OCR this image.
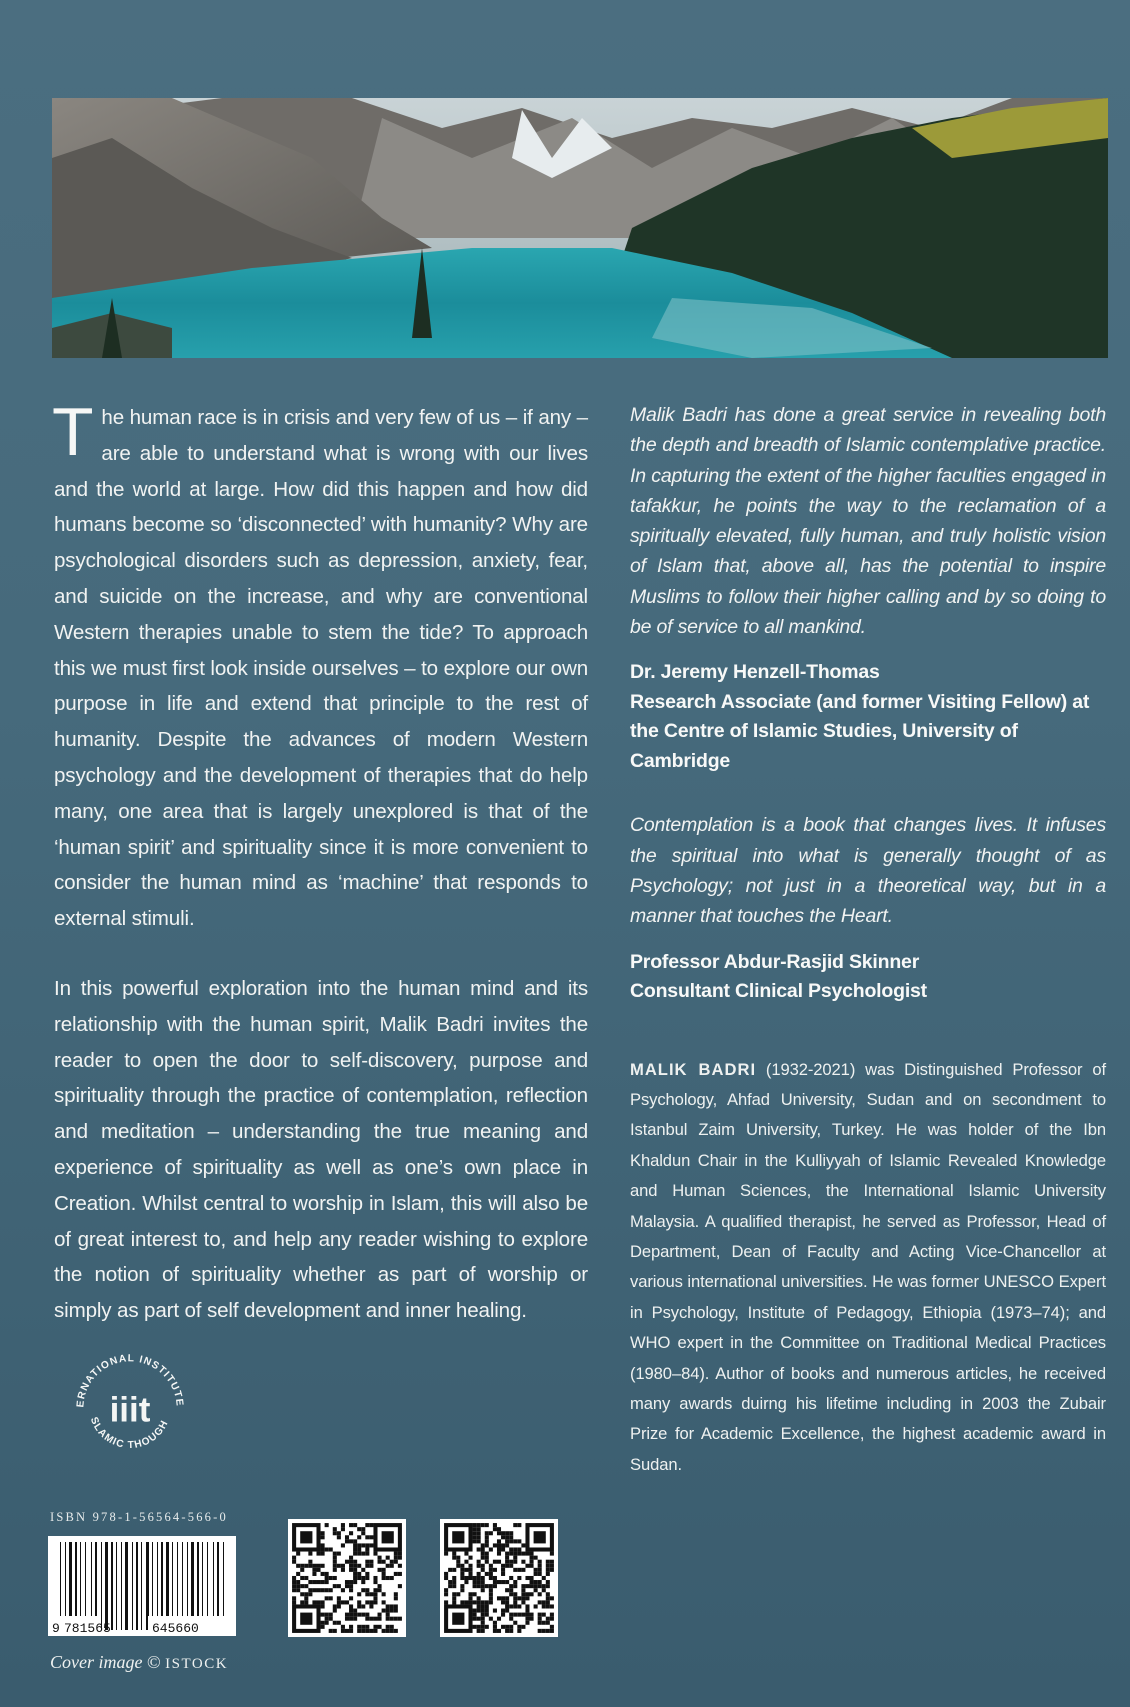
The human race is in crisis and very few of us – if any – are able to understand what is wrong with our lives and the world at large. How did this happen and how did humans become so ‘disconnected’ with humanity? Why are psychological disorders such as depression, anxiety, fear, and suicide on the increase, and why are conventional Western therapies unable to stem the tide? To approach this we must first look inside ourselves – to explore our own purpose in life and extend that principle to the rest of humanity. Despite the advances of modern Western psychology and the development of therapies that do help many, one area that is largely unexplored is that of the ‘human spirit’ and spirituality since it is more convenient to consider the human mind as ‘machine’ that responds to external stimuli.

In this powerful exploration into the human mind and its relationship with the human spirit, Malik Badri invites the reader to open the door to self-discovery, purpose and spirituality through the practice of contemplation, reflection and meditation – understanding the true meaning and experience of spirituality as well as one’s own place in Creation. Whilst central to worship in Islam, this will also be of great interest to, and help any reader wishing to explore the notion of spirituality whether as part of worship or simply as part of self development and inner healing.

Malik Badri has done a great service in revealing both the depth and breadth of Islamic contemplative practice. In capturing the extent of the higher faculties engaged in tafakkur, he points the way to the reclamation of a spiritually elevated, fully human, and truly holistic vision of Islam that, above all, has the potential to inspire Muslims to follow their higher calling and by so doing to be of service to all mankind.

Dr. Jeremy Henzell-Thomas
Research Associate (and former Visiting Fellow) at the Centre of Islamic Studies, University of Cambridge

Contemplation is a book that changes lives. It infuses the spiritual into what is generally thought of as Psychology; not just in a theoretical way, but in a manner that touches the Heart.

Professor Abdur-Rasjid Skinner
Consultant Clinical Psychologist

MALIK BADRI (1932-2021) was Distinguished Professor of Psychology, Ahfad University, Sudan and on secondment to Istanbul Zaim University, Turkey. He was holder of the Ibn Khaldun Chair in the Kulliyyah of Islamic Revealed Knowledge and Human Sciences, the International Islamic University Malaysia. A qualified therapist, he served as Professor, Head of Department, Dean of Faculty and Acting Vice-Chancellor at various international universities. He was former UNESCO Expert in Psychology, Institute of Pedagogy, Ethiopia (1973–74); and WHO expert in the Committee on Traditional Medical Practices (1980–84). Author of books and numerous articles, he received many awards duirng his lifetime including in 2003 the Zubair Prize for Academic Excellence, the highest academic award in Sudan.

ERNATIONAL INSTITUTE
SLAMIC THOUGH
iiit
ISBN 978-1-56564-566-0
9 781565	645660
Cover image © ISTOCK
